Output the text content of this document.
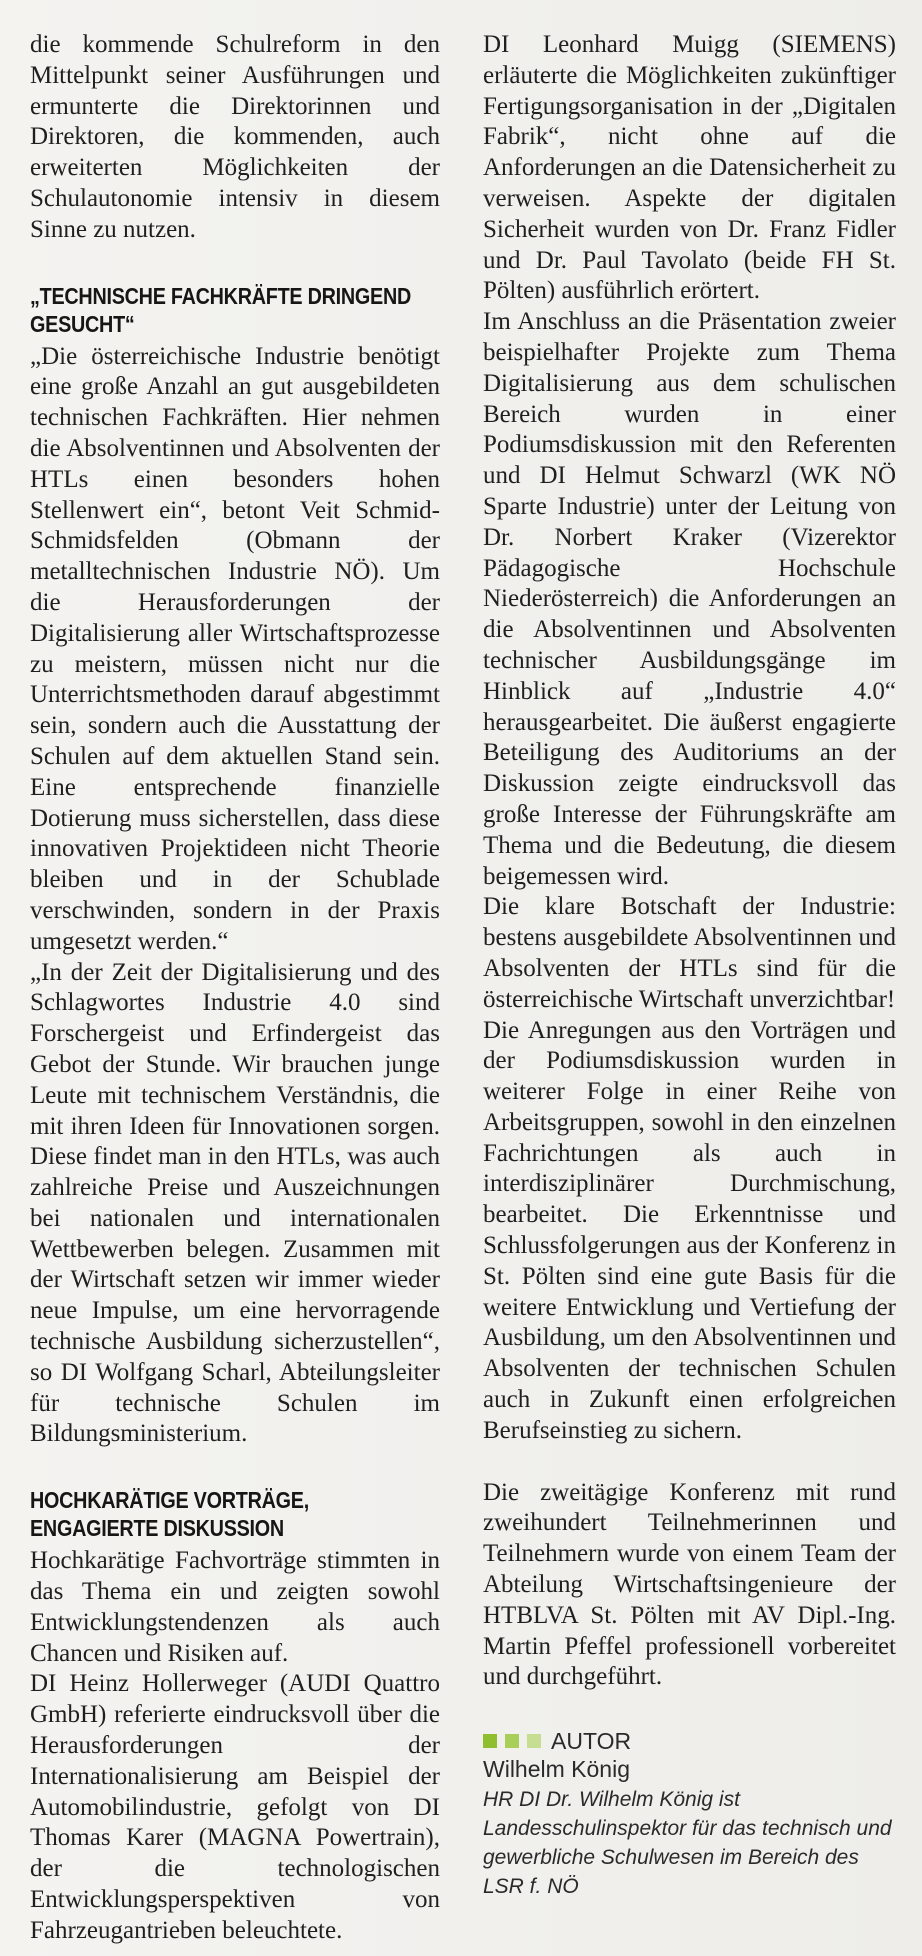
die kommende Schulreform in den Mittelpunkt seiner Ausführungen und ermunterte die Direktorinnen und Direktoren, die kommenden, auch erweiterten Möglichkeiten der Schulautonomie intensiv in diesem Sinne zu nutzen.

„TECHNISCHE FACHKRÄFTE DRINGEND GESUCHT“

„Die österreichische Industrie benötigt eine große Anzahl an gut ausgebildeten technischen Fachkräften. Hier nehmen die Absolventinnen und Absolventen der HTLs einen besonders hohen Stellenwert ein“, betont Veit Schmid-Schmidsfelden (Obmann der metalltechnischen Industrie NÖ). Um die Herausforderungen der Digitalisierung aller Wirtschaftsprozesse zu meistern, müssen nicht nur die Unterrichtsmethoden darauf abgestimmt sein, sondern auch die Ausstattung der Schulen auf dem aktuellen Stand sein. Eine entsprechende finanzielle Dotierung muss sicherstellen, dass diese innovativen Projektideen nicht Theorie bleiben und in der Schublade verschwinden, sondern in der Praxis umgesetzt werden.“

„In der Zeit der Digitalisierung und des Schlagwortes Industrie 4.0 sind Forschergeist und Erfindergeist das Gebot der Stunde. Wir brauchen junge Leute mit technischem Verständnis, die mit ihren Ideen für Innovationen sorgen. Diese findet man in den HTLs, was auch zahlreiche Preise und Auszeichnungen bei nationalen und internationalen Wettbewerben belegen. Zusammen mit der Wirtschaft setzen wir immer wieder neue Impulse, um eine hervorragende technische Ausbildung sicherzustellen“, so DI Wolfgang Scharl, Abteilungsleiter für technische Schulen im Bildungsministerium.

HOCHKARÄTIGE VORTRÄGE, ENGAGIERTE DISKUSSION

Hochkarätige Fachvorträge stimmten in das Thema ein und zeigten sowohl Entwicklungstendenzen als auch Chancen und Risiken auf.

DI Heinz Hollerweger (AUDI Quattro GmbH) referierte eindrucksvoll über die Herausforderungen der Internationalisierung am Beispiel der Automobilindustrie, gefolgt von DI Thomas Karer (MAGNA Powertrain), der die technologischen Entwicklungsperspektiven von Fahrzeugantrieben beleuchtete.

DI Leonhard Muigg (SIEMENS) erläuterte die Möglichkeiten zukünftiger Fertigungsorganisation in der „Digitalen Fabrik“, nicht ohne auf die Anforderungen an die Datensicherheit zu verweisen. Aspekte der digitalen Sicherheit wurden von Dr. Franz Fidler und Dr. Paul Tavolato (beide FH St. Pölten) ausführlich erörtert.

Im Anschluss an die Präsentation zweier beispielhafter Projekte zum Thema Digitalisierung aus dem schulischen Bereich wurden in einer Podiumsdiskussion mit den Referenten und DI Helmut Schwarzl (WK NÖ Sparte Industrie) unter der Leitung von Dr. Norbert Kraker (Vizerektor Pädagogische Hochschule Niederösterreich) die Anforderungen an die Absolventinnen und Absolventen technischer Ausbildungsgänge im Hinblick auf „Industrie 4.0“ herausgearbeitet. Die äußerst engagierte Beteiligung des Auditoriums an der Diskussion zeigte eindrucksvoll das große Interesse der Führungskräfte am Thema und die Bedeutung, die diesem beigemessen wird.

Die klare Botschaft der Industrie: bestens ausgebildete Absolventinnen und Absolventen der HTLs sind für die österreichische Wirtschaft unverzichtbar!

Die Anregungen aus den Vorträgen und der Podiumsdiskussion wurden in weiterer Folge in einer Reihe von Arbeitsgruppen, sowohl in den einzelnen Fachrichtungen als auch in interdisziplinärer Durchmischung, bearbeitet. Die Erkenntnisse und Schlussfolgerungen aus der Konferenz in St. Pölten sind eine gute Basis für die weitere Entwicklung und Vertiefung der Ausbildung, um den Absolventinnen und Absolventen der technischen Schulen auch in Zukunft einen erfolgreichen Berufseinstieg zu sichern.

Die zweitägige Konferenz mit rund zweihundert Teilnehmerinnen und Teilnehmern wurde von einem Team der Abteilung Wirtschaftsingenieure der HTBLVA St. Pölten mit AV Dipl.-Ing. Martin Pfeffel professionell vorbereitet und durchgeführt.

AUTOR
Wilhelm König
HR DI Dr. Wilhelm König ist Landesschulinspektor für das technisch und gewerbliche Schulwesen im Bereich des LSR f. NÖ
